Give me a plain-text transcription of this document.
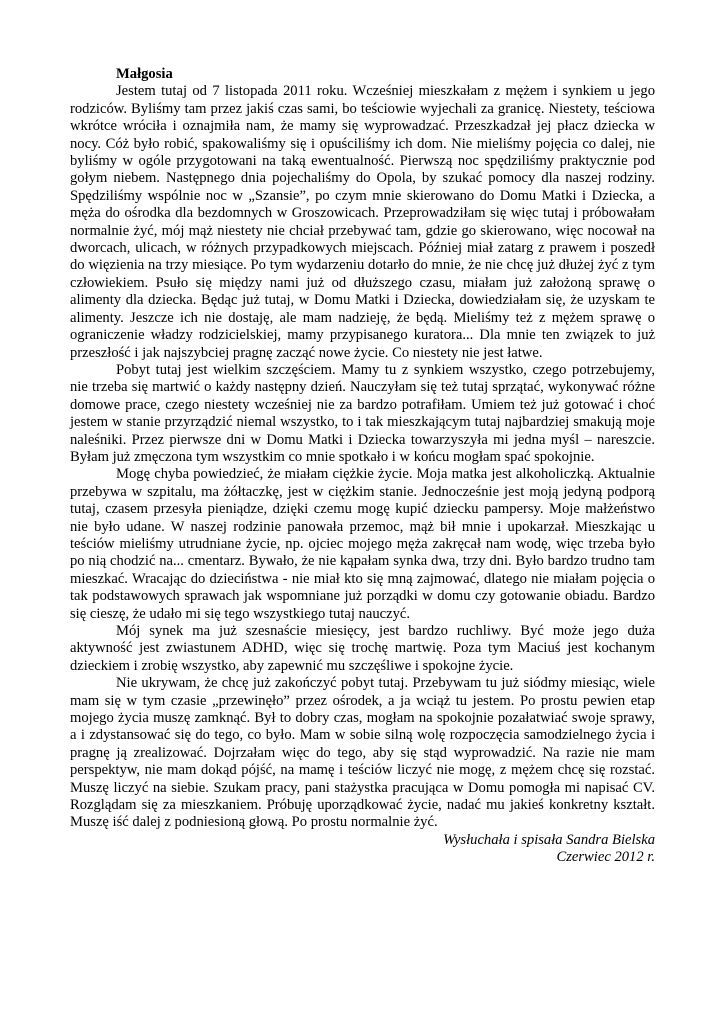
Małgosia

Jestem tutaj od 7 listopada 2011 roku. Wcześniej mieszkałam z mężem i synkiem u jego rodziców. Byliśmy tam przez jakiś czas sami, bo teściowie wyjechali za granicę. Niestety, teściowa wkrótce wróciła i oznajmiła nam, że mamy się wyprowadzać. Przeszkadzał jej płacz dziecka w nocy. Cóż było robić, spakowaliśmy się i opuściliśmy ich dom. Nie mieliśmy pojęcia co dalej, nie byliśmy w ogóle przygotowani na taką ewentualność. Pierwszą noc spędziliśmy praktycznie pod gołym niebem. Następnego dnia pojechaliśmy do Opola, by szukać pomocy dla naszej rodziny. Spędziliśmy wspólnie noc w „Szansie”, po czym mnie skierowano do Domu Matki i Dziecka, a męża do ośrodka dla bezdomnych w Groszowicach. Przeprowadziłam się więc tutaj i próbowałam normalnie żyć, mój mąż niestety nie chciał przebywać tam, gdzie go skierowano, więc nocował na dworcach, ulicach, w różnych przypadkowych miejscach. Później miał zatarg z prawem i poszedł do więzienia na trzy miesiące. Po tym wydarzeniu dotarło do mnie, że nie chcę już dłużej żyć z tym człowiekiem. Psuło się między nami już od dłuższego czasu, miałam już założoną sprawę o alimenty dla dziecka. Będąc już tutaj, w Domu Matki i Dziecka, dowiedziałam się, że uzyskam te alimenty. Jeszcze ich nie dostaję, ale mam nadzieję, że będą. Mieliśmy też z mężem sprawę o ograniczenie władzy rodzicielskiej, mamy przypisanego kuratora... Dla mnie ten związek to już przeszłość i jak najszybciej pragnę zacząć nowe życie. Co niestety nie jest łatwe.

Pobyt tutaj jest wielkim szczęściem. Mamy tu z synkiem wszystko, czego potrzebujemy, nie trzeba się martwić o każdy następny dzień. Nauczyłam się też tutaj sprzątać, wykonywać różne domowe prace, czego niestety wcześniej nie za bardzo potrafiłam. Umiem też już gotować i choć jestem w stanie przyrządzić niemal wszystko, to i tak mieszkającym tutaj najbardziej smakują moje naleśniki. Przez pierwsze dni w Domu Matki i Dziecka towarzyszyła mi jedna myśl – nareszcie. Byłam już zmęczona tym wszystkim co mnie spotkało i w końcu mogłam spać spokojnie.

Mogę chyba powiedzieć, że miałam ciężkie życie. Moja matka jest alkoholiczką. Aktualnie przebywa w szpitalu, ma żółtaczkę, jest w ciężkim stanie. Jednocześnie jest moją jedyną podporą tutaj, czasem przesyła pieniądze, dzięki czemu mogę kupić dziecku pampersy. Moje małżeństwo nie było udane. W naszej rodzinie panowała przemoc, mąż bił mnie i upokarzał. Mieszkając u teściów mieliśmy utrudniane życie, np. ojciec mojego męża zakręcał nam wodę, więc trzeba było po nią chodzić na... cmentarz. Bywało, że nie kąpałam synka dwa, trzy dni. Było bardzo trudno tam mieszkać. Wracając do dzieciństwa - nie miał kto się mną zajmować, dlatego nie miałam pojęcia o tak podstawowych sprawach jak wspomniane już porządki w domu czy gotowanie obiadu. Bardzo się cieszę, że udało mi się tego wszystkiego tutaj nauczyć.

Mój synek ma już szesnaście miesięcy, jest bardzo ruchliwy. Być może jego duża aktywność jest zwiastunem ADHD, więc się trochę martwię. Poza tym Maciuś jest kochanym dzieckiem i zrobię wszystko, aby zapewnić mu szczęśliwe i spokojne życie.

Nie ukrywam, że chcę już zakończyć pobyt tutaj. Przebywam tu już siódmy miesiąc, wiele mam się w tym czasie „przewinęło” przez ośrodek, a ja wciąż tu jestem. Po prostu pewien etap mojego życia muszę zamknąć. Był to dobry czas, mogłam na spokojnie pozałatwiać swoje sprawy, a i zdystansować się do tego, co było. Mam w sobie silną wolę rozpoczęcia samodzielnego życia i pragnę ją zrealizować. Dojrzałam więc do tego, aby się stąd wyprowadzić. Na razie nie mam perspektyw, nie mam dokąd pójść, na mamę i teściów liczyć nie mogę, z mężem chcę się rozstać. Muszę liczyć na siebie. Szukam pracy, pani stażystka pracująca w Domu pomogła mi napisać CV. Rozglądam się za mieszkaniem. Próbuję uporządkować życie, nadać mu jakieś konkretny kształt. Muszę iść dalej z podniesioną głową. Po prostu normalnie żyć.

Wysłuchała i spisała Sandra Bielska

Czerwiec 2012 r.
